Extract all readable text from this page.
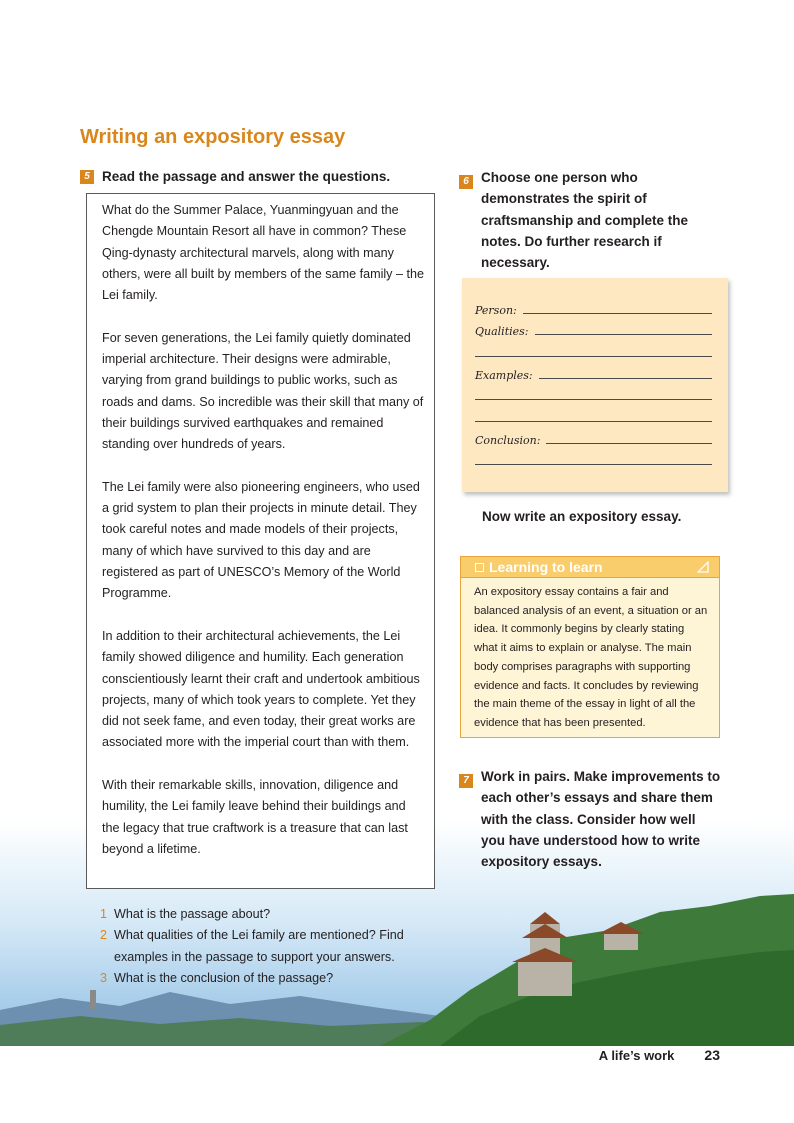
Writing an expository essay
5 Read the passage and answer the questions.

What do the Summer Palace, Yuanmingyuan and the Chengde Mountain Resort all have in common? These Qing-dynasty architectural marvels, along with many others, were all built by members of the same family – the Lei family.

For seven generations, the Lei family quietly dominated imperial architecture. Their designs were admirable, varying from grand buildings to public works, such as roads and dams. So incredible was their skill that many of their buildings survived earthquakes and remained standing over hundreds of years.

The Lei family were also pioneering engineers, who used a grid system to plan their projects in minute detail. They took careful notes and made models of their projects, many of which have survived to this day and are registered as part of UNESCO’s Memory of the World Programme.

In addition to their architectural achievements, the Lei family showed diligence and humility. Each generation conscientiously learnt their craft and undertook ambitious projects, many of which took years to complete. Yet they did not seek fame, and even today, their great works are associated more with the imperial court than with them.

With their remarkable skills, innovation, diligence and humility, the Lei family leave behind their buildings and the legacy that true craftwork is a treasure that can last beyond a lifetime.

1 What is the passage about?
2 What qualities of the Lei family are mentioned? Find examples in the passage to support your answers.
3 What is the conclusion of the passage?
6 Choose one person who demonstrates the spirit of craftsmanship and complete the notes. Do further research if necessary.
Person:
Qualities:
Examples:
Conclusion:
Now write an expository essay.
Learning to learn
An expository essay contains a fair and balanced analysis of an event, a situation or an idea. It commonly begins by clearly stating what it aims to explain or analyse. The main body comprises paragraphs with supporting evidence and facts. It concludes by reviewing the main theme of the essay in light of all the evidence that has been presented.
7 Work in pairs. Make improvements to each other’s essays and share them with the class. Consider how well you have understood how to write expository essays.
A life’s work 23
